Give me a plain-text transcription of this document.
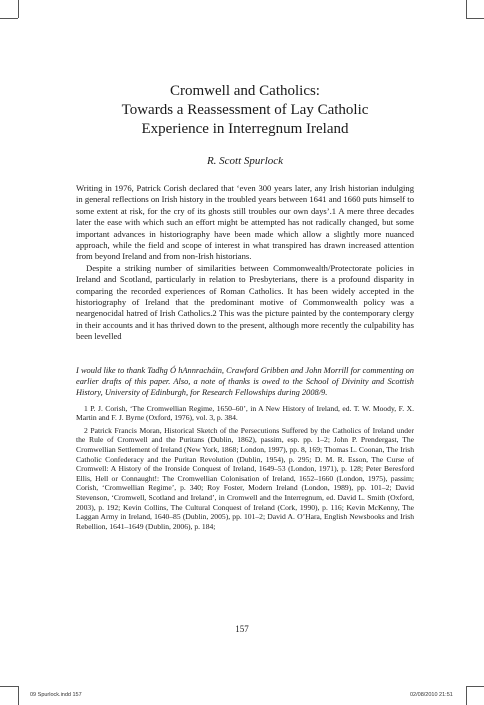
Cromwell and Catholics:
Towards a Reassessment of Lay Catholic
Experience in Interregnum Ireland
R. Scott Spurlock

Writing in 1976, Patrick Corish declared that ‘even 300 years later, any Irish historian indulging in general reflections on Irish history in the troubled years between 1641 and 1660 puts himself to some extent at risk, for the cry of its ghosts still troubles our own days’.1 A mere three decades later the ease with which such an effort might be attempted has not radically changed, but some important advances in historiography have been made which allow a slightly more nuanced approach, while the field and scope of interest in what transpired has drawn increased attention from beyond Ireland and from non-Irish historians.

Despite a striking number of similarities between Commonwealth/Protectorate policies in Ireland and Scotland, particularly in relation to Presbyterians, there is a profound disparity in comparing the recorded experiences of Roman Catholics. It has been widely accepted in the historiography of Ireland that the predominant motive of Commonwealth policy was a neargenocidal hatred of Irish Catholics.2 This was the picture painted by the contemporary clergy in their accounts and it has thrived down to the present, although more recently the culpability has been levelled

I would like to thank Tadhg Ó hAnnracháin, Crawford Gribben and John Morrill for commenting on earlier drafts of this paper. Also, a note of thanks is owed to the School of Divinity and Scottish History, University of Edinburgh, for Research Fellowships during 2008/9.

1 P. J. Corish, ‘The Cromwellian Regime, 1650–60’, in A New History of Ireland, ed. T. W. Moody, F. X. Martin and F. J. Byrne (Oxford, 1976), vol. 3, p. 384.

2 Patrick Francis Moran, Historical Sketch of the Persecutions Suffered by the Catholics of Ireland under the Rule of Cromwell and the Puritans (Dublin, 1862), passim, esp. pp. 1–2; John P. Prendergast, The Cromwellian Settlement of Ireland (New York, 1868; London, 1997), pp. 8, 169; Thomas L. Coonan, The Irish Catholic Confederacy and the Puritan Revolution (Dublin, 1954), p. 295; D. M. R. Esson, The Curse of Cromwell: A History of the Ironside Conquest of Ireland, 1649–53 (London, 1971), p. 128; Peter Beresford Ellis, Hell or Connaught!: The Cromwellian Colonisation of Ireland, 1652–1660 (London, 1975), passim; Corish, ‘Cromwellian Regime’, p. 340; Roy Foster, Modern Ireland (London, 1989), pp. 101–2; David Stevenson, ‘Cromwell, Scotland and Ireland’, in Cromwell and the Interregnum, ed. David L. Smith (Oxford, 2003), p. 192; Kevin Collins, The Cultural Conquest of Ireland (Cork, 1990), p. 116; Kevin McKenny, The Laggan Army in Ireland, 1640–85 (Dublin, 2005), pp. 101–2; David A. O’Hara, English Newsbooks and Irish Rebellion, 1641–1649 (Dublin, 2006), p. 184;

157
09 Spurlock.indd 157	02/08/2010 21:51
